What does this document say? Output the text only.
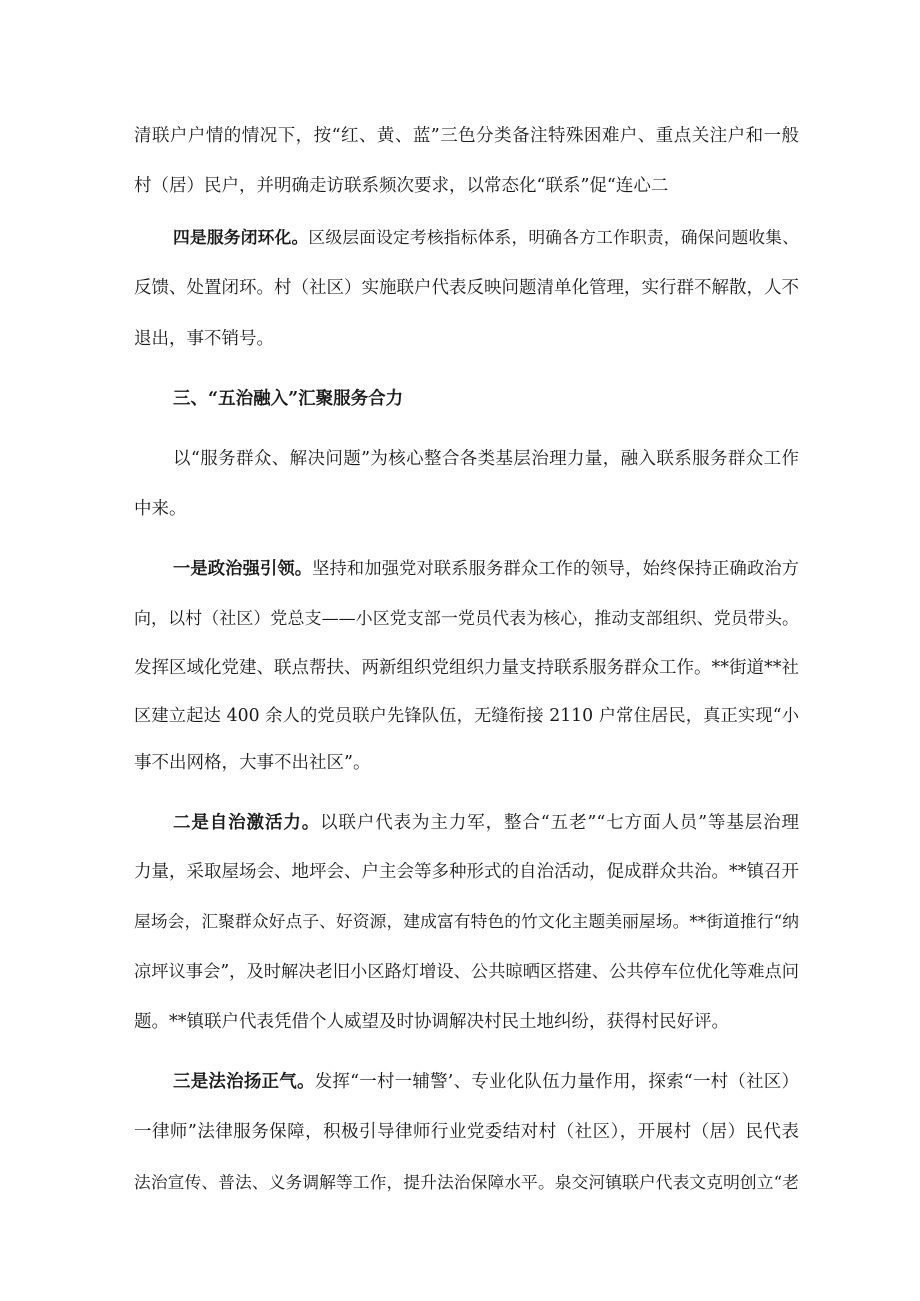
清联户户情的情况下，按“红、黄、蓝”三色分类备注特殊困难户、重点关注户和一般
村（居）民户，并明确走访联系频次要求，以常态化“联系”促“连心二
四是服务闭环化。区级层面设定考核指标体系，明确各方工作职责，确保问题收集、
反馈、处置闭环。村（社区）实施联户代表反映问题清单化管理，实行群不解散，人不
退出，事不销号。
三、“五治融入”汇聚服务合力
以“服务群众、解决问题”为核心整合各类基层治理力量，融入联系服务群众工作
中来。
一是政治强引领。坚持和加强党对联系服务群众工作的领导，始终保持正确政治方
向，以村（社区）党总支——小区党支部一党员代表为核心，推动支部组织、党员带头。
发挥区域化党建、联点帮扶、两新组织党组织力量支持联系服务群众工作。**街道**社
区建立起达 400 余人的党员联户先锋队伍，无缝衔接 2110 户常住居民，真正实现“小
事不出网格，大事不出社区”。
二是自治激活力。以联户代表为主力军，整合“五老”“七方面人员”等基层治理
力量，采取屋场会、地坪会、户主会等多种形式的自治活动，促成群众共治。**镇召开
屋场会，汇聚群众好点子、好资源，建成富有特色的竹文化主题美丽屋场。**街道推行“纳
凉坪议事会”，及时解决老旧小区路灯增设、公共晾晒区搭建、公共停车位优化等难点问
题。**镇联户代表凭借个人威望及时协调解决村民土地纠纷，获得村民好评。
三是法治扬正气。发挥“一村一辅警’、专业化队伍力量作用，探索“一村（社区）
一律师”法律服务保障，积极引导律师行业党委结对村（社区），开展村（居）民代表
法治宣传、普法、义务调解等工作，提升法治保障水平。泉交河镇联户代表文克明创立“老
